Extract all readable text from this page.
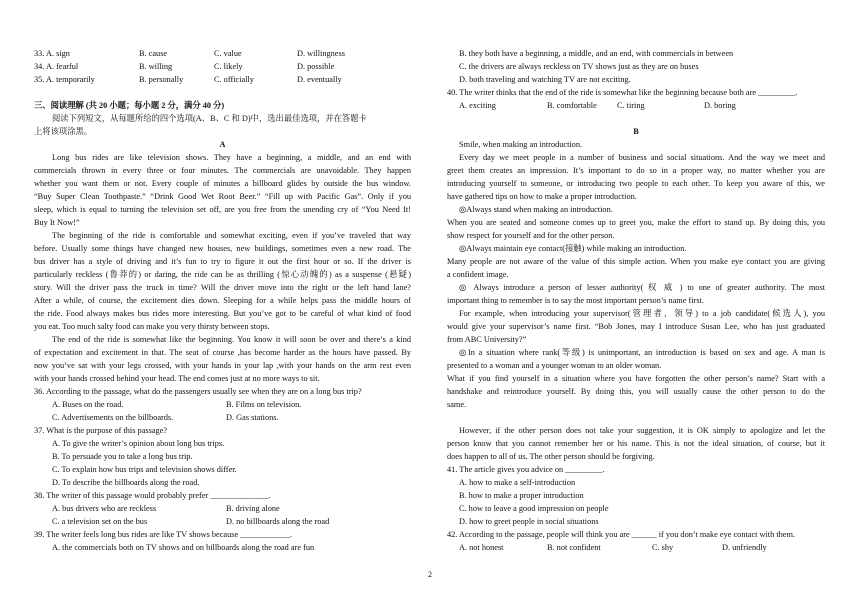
33. A. sign	B. cause	C. value	D. willingness
34. A. fearful	B. willing	C. likely	D. possible
35. A. temporarily	B. personally	C. officially	D. eventually
三、阅读理解 (共 20 小题；每小题 2 分，满分 40 分)
阅读下列短文，从每题所给的四个选项(A、B、C 和 D)中，选出最佳选项，并在答题卡
上将该项涂黑。
A
Long bus rides are like television shows. They have a beginning, a middle, and an end with
commercials thrown in every three or four minutes. The commercials are unavoidable. They happen
whether you want them or not. Every couple of minutes a billboard glides by outside the bus window.
“Buy Super Clean Toothpaste.” “Drink Good Wet Root Beer.” “Fill up with Pacific Gas”. Only if you
sleep, which is equal to turning the television set off, are you free from the unending cry of “You Need It!
Buy It Now!”
The beginning of the ride is comfortable and somewhat exciting, even if you’ve traveled that way
before. Usually some things have changed new houses, new buildings, sometimes even a new road. The
bus driver has a style of driving and it’s fun to try to figure it out the first hour or so. If the driver is
particularly reckless (鲁莽的) or daring, the ride can be as thrilling (惊心动魄的) as a suspense (悬疑)
story. Will the driver pass the truck in time? Will the driver move into the right or the left hand lane?
After a while, of course, the excitement dies down. Sleeping for a while helps pass the middle hours of
the ride. Food always makes bus rides more interesting. But you’ve got to be careful of what kind of food
you eat. Too much salty food can make you very thirsty between stops.
The end of the ride is somewhat like the beginning. You know it will soon be over and there’s a kind
of expectation and excitement in that. The seat of course ,has become harder as the hours have passed. By
now you’ve sat with your legs crossed, with your hands in your lap ,with your hands on the arm rest even
with your hands crossed behind your head. The end comes just at no more ways to sit.
36. According to the passage, what do the passengers usually see when they are on a long bus trip?
A. Buses on the road.	B. Films on television.
C. Advertisements on the billboards.	D. Gas stations.
37. What is the purpose of this passage?
A. To give the writer’s opinion about long bus trips.
B. To persuade you to take a long bus trip.
C. To explain how bus trips and television shows differ.
D. To describe the billboards along the road.
38. The writer of this passage would probably prefer ______________.
A. bus drivers who are reckless	B. driving alone
C. a television set on the bus	D. no billboards along the road
39. The writer feels long bus rides are like TV shows because ____________.
A. the commercials both on TV shows and on billboards along the road are fun
B. they both have a beginning, a middle, and an end, with commercials in between
C. the drivers are always reckless on TV shows just as they are on buses
D. both traveling and watching TV are not exciting.
40. The writer thinks that the end of the ride is somewhat like the beginning because both are _________.
A. exciting	B. comfortable C. tiring	D. boring
B
Smile, when making an introduction.
Every day we meet people in a number of business and social situations. And the way we meet and
greet them creates an impression. It’s important to do so in a proper way, no matter whether you are
introducing yourself to someone, or introducing two people to each other. To keep you aware of this, we
have gathered tips on how to make a proper introduction.
◎Always stand when making an introduction.
When you are seated and someone comes up to greet you, make the effort to stand up. By doing this, you
show respect for yourself and for the other person.
◎Always maintain eye contact(接触) while making an introduction.
Many people are not aware of the value of this simple action. When you make eye contact you are giving
a confident image.
◎ Always introduce a person of lesser authority( 权 威 ) to one of greater authority. The most
important thing to remember is to say the most important person’s name first.
For example, when introducing your supervisor(管理者，领导) to a job candidate(候选人), you
would give your supervisor’s name first. “Bob Jones, may I introduce Susan Lee, who has just graduated
from ABC University?”
◎In a situation where rank(等级) is unimportant, an introduction is based on sex and age. A man is
presented to a woman and a younger woman to an older woman.
What if you find yourself in a situation where you have forgotten the other person’s name? Start with a
handshake and reintroduce yourself. By doing this, you will usually cause the other person to do the
same.
However, if the other person does not take your suggestion, it is OK simply to apologize and let the
person know that you cannot remember her or his name. This is not the ideal situation, of course, but it
does happen to all of us. The other person should be forgiving.
41. The article gives you advice on _________.
A. how to make a self-introduction
B. how to make a proper introduction
C. how to leave a good impression on people
D. how to greet people in social situations
42. According to the passage, people will think you are ______ if you don’t make eye contact with them.
A. not honest	B. not confident	C. shy	D. unfriendly
2
